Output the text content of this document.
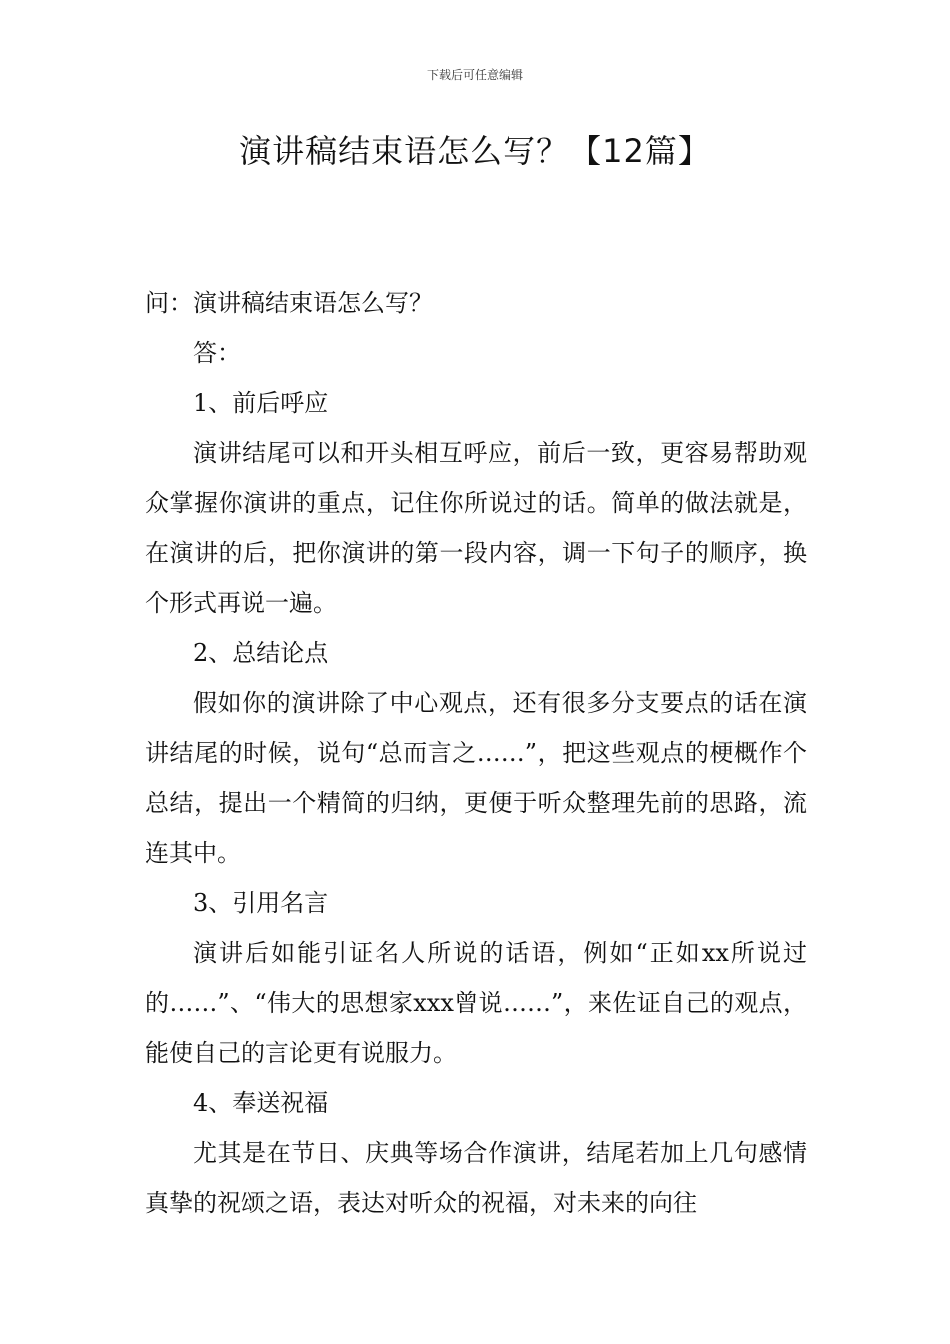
下载后可任意编辑
演讲稿结束语怎么写？【12篇】

问：演讲稿结束语怎么写？

答：

1、前后呼应

演讲结尾可以和开头相互呼应，前后一致，更容易帮助观众掌握你演讲的重点，记住你所说过的话。简单的做法就是，在演讲的后，把你演讲的第一段内容，调一下句子的顺序，换个形式再说一遍。

2、总结论点

假如你的演讲除了中心观点，还有很多分支要点的话在演讲结尾的时候，说句“总而言之……”，把这些观点的梗概作个总结，提出一个精简的归纳，更便于听众整理先前的思路，流连其中。

3、引用名言

演讲后如能引证名人所说的话语，例如“正如xx所说过的……”、“伟大的思想家xxx曾说……”，来佐证自己的观点，能使自己的言论更有说服力。

4、奉送祝福

尤其是在节日、庆典等场合作演讲，结尾若加上几句感情真挚的祝颂之语，表达对听众的祝福，对未来的向往
